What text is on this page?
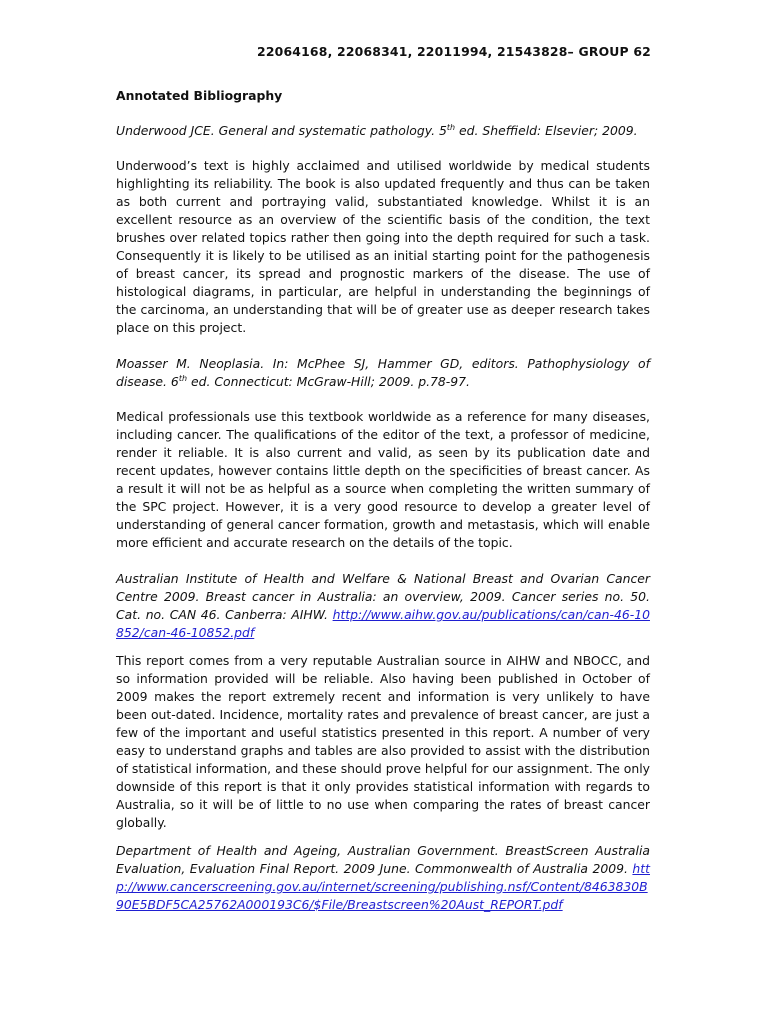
22064168, 22068341, 22011994, 21543828– GROUP 62
Annotated Bibliography
Underwood JCE. General and systematic pathology. 5th ed. Sheffield: Elsevier; 2009.
Underwood’s text is highly acclaimed and utilised worldwide by medical students highlighting its reliability. The book is also updated frequently and thus can be taken as both current and portraying valid, substantiated knowledge. Whilst it is an excellent resource as an overview of the scientific basis of the condition, the text brushes over related topics rather then going into the depth required for such a task. Consequently it is likely to be utilised as an initial starting point for the pathogenesis of breast cancer, its spread and prognostic markers of the disease. The use of histological diagrams, in particular, are helpful in understanding the beginnings of the carcinoma, an understanding that will be of greater use as deeper research takes place on this project.
Moasser M. Neoplasia. In: McPhee SJ, Hammer GD, editors. Pathophysiology of disease. 6th ed. Connecticut: McGraw-Hill; 2009. p.78-97.
Medical professionals use this textbook worldwide as a reference for many diseases, including cancer. The qualifications of the editor of the text, a professor of medicine, render it reliable. It is also current and valid, as seen by its publication date and recent updates, however contains little depth on the specificities of breast cancer. As a result it will not be as helpful as a source when completing the written summary of the SPC project. However, it is a very good resource to develop a greater level of understanding of general cancer formation, growth and metastasis, which will enable more efficient and accurate research on the details of the topic.
Australian Institute of Health and Welfare & National Breast and Ovarian Cancer Centre 2009. Breast cancer in Australia: an overview, 2009. Cancer series no. 50. Cat. no. CAN 46. Canberra: AIHW. http://www.aihw.gov.au/publications/can/can-46-10852/can-46-10852.pdf
This report comes from a very reputable Australian source in AIHW and NBOCC, and so information provided will be reliable. Also having been published in October of 2009 makes the report extremely recent and information is very unlikely to have been out-dated. Incidence, mortality rates and prevalence of breast cancer, are just a few of the important and useful statistics presented in this report. A number of very easy to understand graphs and tables are also provided to assist with the distribution of statistical information, and these should prove helpful for our assignment. The only downside of this report is that it only provides statistical information with regards to Australia, so it will be of little to no use when comparing the rates of breast cancer globally.
Department of Health and Ageing, Australian Government. BreastScreen Australia Evaluation, Evaluation Final Report. 2009 June. Commonwealth of Australia 2009. http://www.cancerscreening.gov.au/internet/screening/publishing.nsf/Content/8463830B90E5BDF5CA25762A000193C6/$File/Breastscreen%20Aust_REPORT.pdf
